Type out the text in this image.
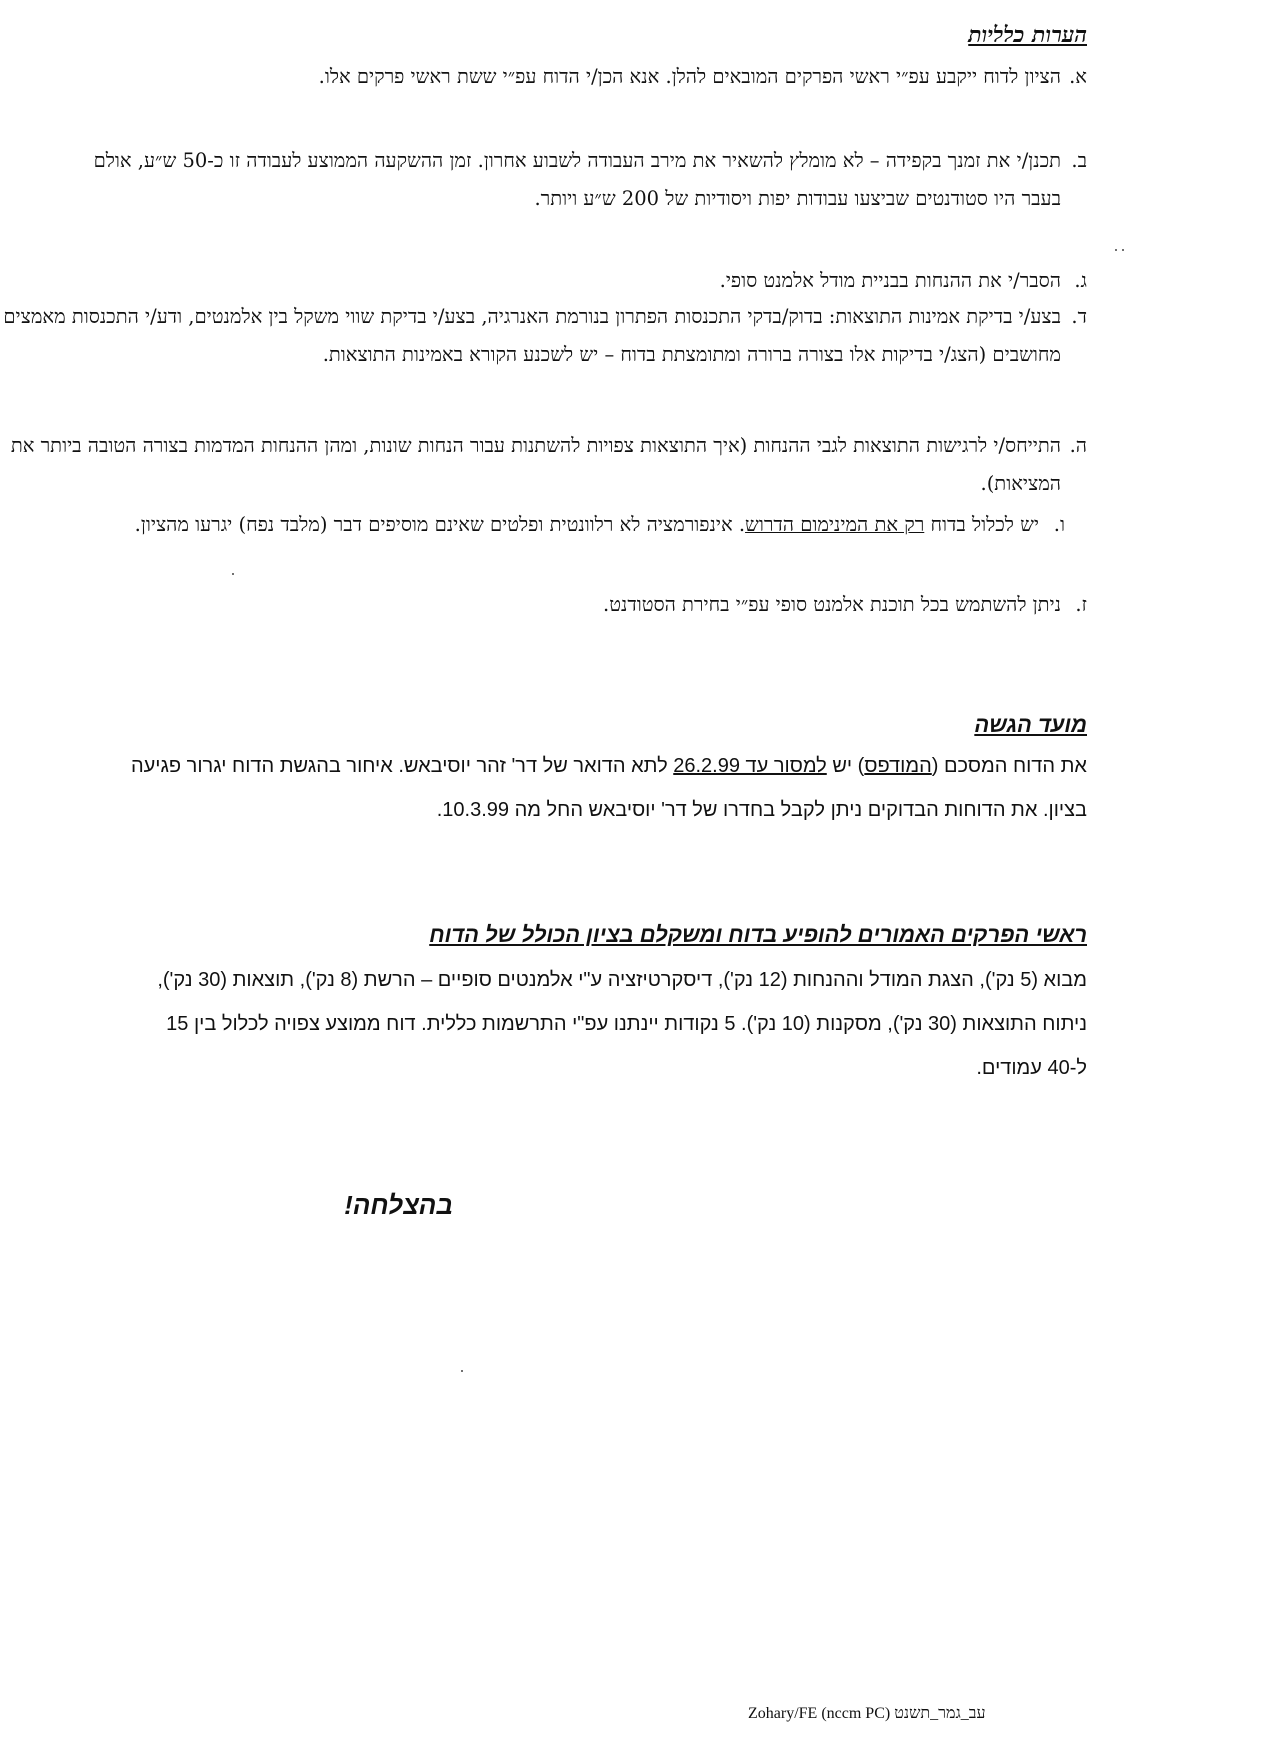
הערות כלליות
א.
הציון לדוח ייקבע עפ״י ראשי הפרקים המובאים להלן. אנא הכן/י הדוח עפ״י ששת ראשי פרקים אלו.
ב.
תכנן/י את זמנך בקפידה – לא מומלץ להשאיר את מירב העבודה לשבוע אחרון. זמן ההשקעה הממוצע לעבודה זו כ-50 ש״ע, אולם בעבר היו סטודנטים שביצעו עבודות יפות ויסודיות של 200 ש״ע ויותר.
ג.
הסבר/י את ההנחות בבניית מודל אלמנט סופי.
ד.
בצע/י בדיקת אמינות התוצאות: בדוק/בדקי התכנסות הפתרון בנורמת האנרגיה, בצע/י בדיקת שווי משקל בין אלמנטים, ודע/י התכנסות מאמצים מחושבים (הצג/י בדיקות אלו בצורה ברורה ומתומצתת בדוח – יש לשכנע הקורא באמינות התוצאות.
ה.
התייחס/י לרגישות התוצאות לגבי ההנחות (איך התוצאות צפויות להשתנות עבור הנחות שונות, ומהן ההנחות המדמות בצורה הטובה ביותר את המציאות).
ו.
יש לכלול בדוח רק את המינימום הדרוש. אינפורמציה לא רלוונטית ופלטים שאינם מוסיפים דבר (מלבד נפח) יגרעו מהציון.
ז.
ניתן להשתמש בכל תוכנת אלמנט סופי עפ״י בחירת הסטודנט.
מועד הגשה
את הדוח המסכם (המודפס) יש למסור עד 26.2.99 לתא הדואר של דר' זהר יוסיבאש. איחור בהגשת הדוח יגרור פגיעה בציון. את הדוחות הבדוקים ניתן לקבל בחדרו של דר' יוסיבאש החל מה 10.3.99.
ראשי הפרקים האמורים להופיע בדוח ומשקלם בציון הכולל של הדוח
מבוא (5 נק'), הצגת המודל וההנחות (12 נק'), דיסקרטיזציה ע"י אלמנטים סופיים – הרשת (8 נק'), תוצאות (30 נק'), ניתוח התוצאות (30 נק'), מסקנות (10 נק'). 5 נקודות יינתנו עפ"י התרשמות כללית. דוח ממוצע צפויה לכלול בין 15 ל-40 עמודים.
בהצלחה!
Zohary/FE (nccm PC) עב_גמר_תשנט
